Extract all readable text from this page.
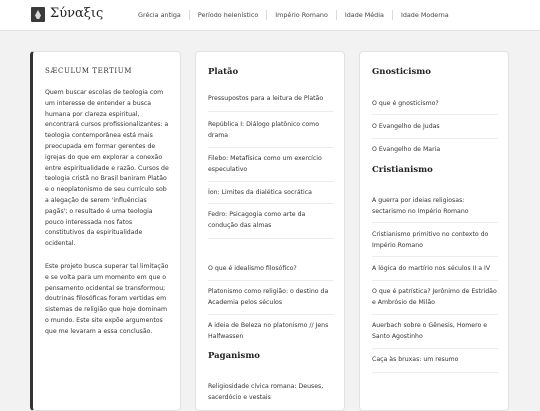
Σύναξις	Grécia antiga	Período helenístico	Império Romano	Idade Média	Idade Moderna
SÆCULUM TERTIUM
Quem buscar escolas de teologia com um interesse de entender a busca humana por clareza espiritual, encontrará cursos profissionalizantes: a teologia contemporânea está mais preocupada em formar gerentes de igrejas do que em explorar a conexão entre espiritualidade e razão. Cursos de teologia cristã no Brasil baniram Platão e o neoplatonismo de seu currículo sob a alegação de serem 'influências pagãs'; o resultado é uma teologia pouco interessada nos fatos constitutivos da espiritualidade ocidental.
Este projeto busca superar tal limitação e se volta para um momento em que o pensamento ocidental se transformou; doutrinas filosóficas foram vertidas em sistemas de religião que hoje dominam o mundo. Este site expõe argumentos que me levaram a essa conclusão.
Platão
Pressupostos para a leitura de Platão
República I: Diálogo platônico como drama
Filebo: Metafísica como um exercício especulativo
Íon: Limites da dialética socrática
Fedro: Psicagogia como arte da condução das almas
O que é idealismo filosófico?
Platonismo como religião: o destino da Academia pelos séculos
A ideia de Beleza no platonismo // Jens Halfwassen
Paganismo
Religiosidade cívica romana: Deuses, sacerdócio e vestais
Gnosticismo
O que é gnosticismo?
O Evangelho de Judas
O Evangelho de Maria
Cristianismo
A guerra por ideias religiosas: sectarismo no Império Romano
Cristianismo primitivo no contexto do Império Romano
A lógica do martírio nos séculos II a IV
O que é patrística? Jerônimo de Estridão e Ambrósio de Milão
Auerbach sobre o Gênesis, Homero e Santo Agostinho
Caça às bruxas: um resumo
